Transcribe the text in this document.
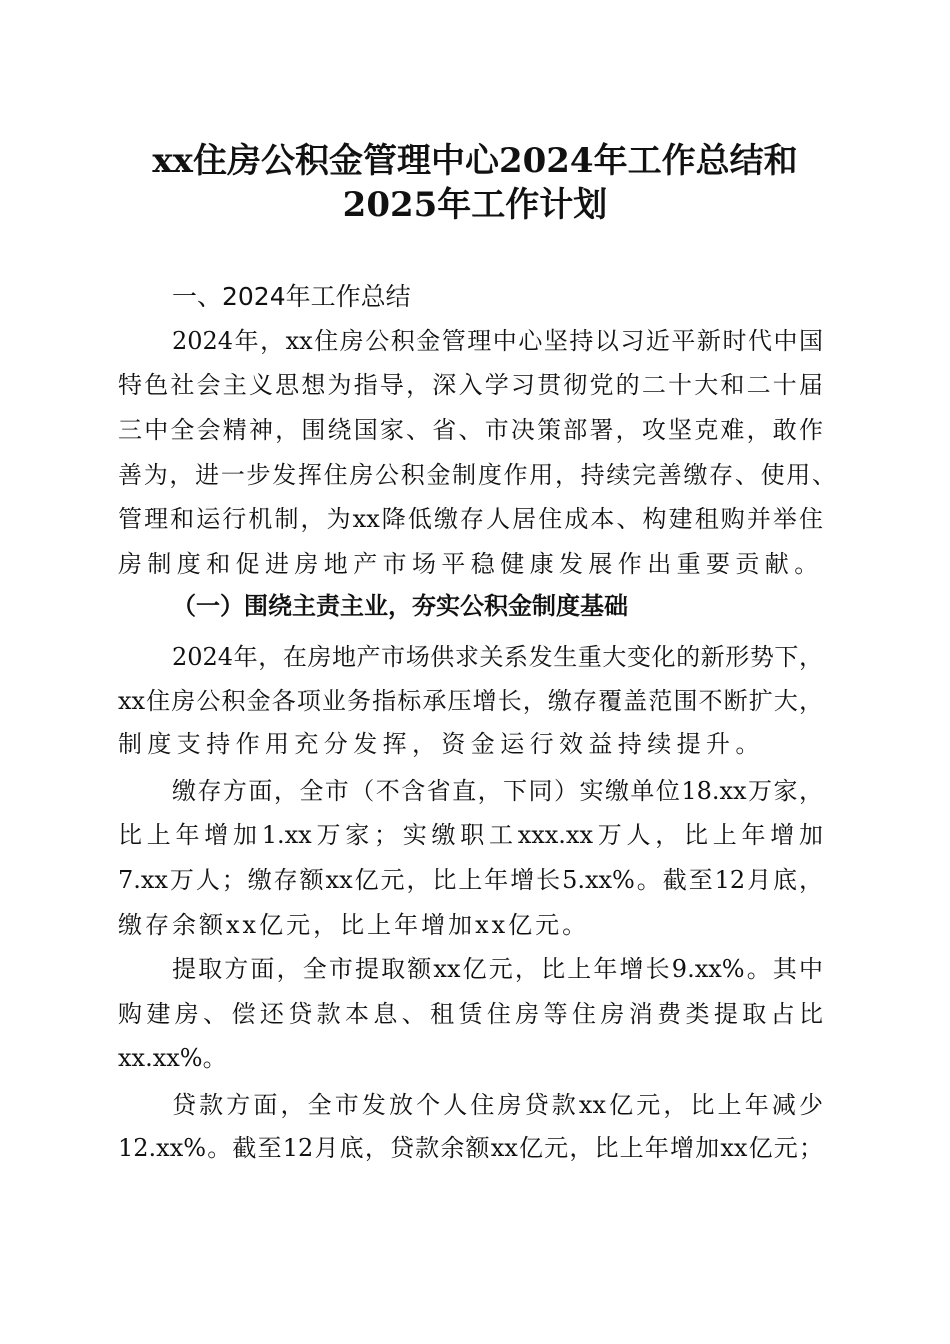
xx住房公积金管理中心2024年工作总结和
2025年工作计划
一、2024年工作总结
2024年，xx住房公积金管理中心坚持以习近平新时代中国
特色社会主义思想为指导，深入学习贯彻党的二十大和二十届
三中全会精神，围绕国家、省、市决策部署，攻坚克难，敢作
善为，进一步发挥住房公积金制度作用，持续完善缴存、使用、
管理和运行机制，为xx降低缴存人居住成本、构建租购并举住
房制度和促进房地产市场平稳健康发展作出重要贡献。
（一）围绕主责主业，夯实公积金制度基础
2024年，在房地产市场供求关系发生重大变化的新形势下，
xx住房公积金各项业务指标承压增长，缴存覆盖范围不断扩大，
制度支持作用充分发挥，资金运行效益持续提升。
缴存方面，全市（不含省直，下同）实缴单位18.xx万家，
比上年增加1.xx万家；实缴职工xxx.xx万人，比上年增加
7.xx万人；缴存额xx亿元，比上年增长5.xx%。截至12月底，
缴存余额xx亿元，比上年增加xx亿元。
提取方面，全市提取额xx亿元，比上年增长9.xx%。其中
购建房、偿还贷款本息、租赁住房等住房消费类提取占比
xx.xx%。
贷款方面，全市发放个人住房贷款xx亿元，比上年减少
12.xx%。截至12月底，贷款余额xx亿元，比上年增加xx亿元；
